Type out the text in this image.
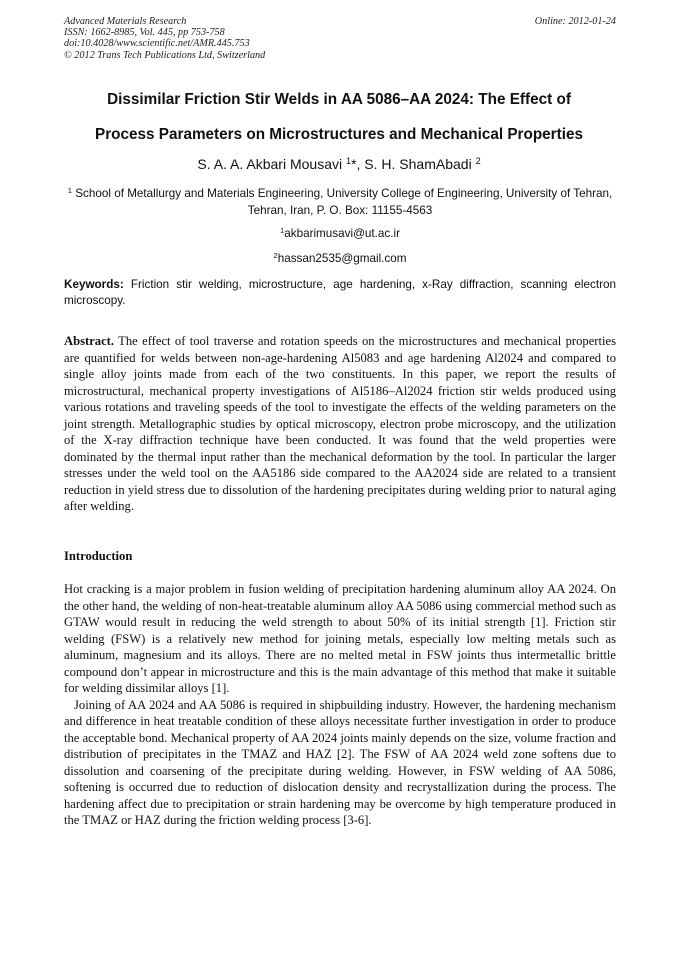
Advanced Materials Research
ISSN: 1662-8985, Vol. 445, pp 753-758
doi:10.4028/www.scientific.net/AMR.445.753
© 2012 Trans Tech Publications Ltd, Switzerland
Online: 2012-01-24
Dissimilar Friction Stir Welds in AA 5086–AA 2024: The Effect of
Process Parameters on Microstructures and Mechanical Properties
S. A. A. Akbari Mousavi $^1$*, S. H. ShamAbadi $^2$
$^1$ School of Metallurgy and Materials Engineering, University College of Engineering, University of Tehran, Tehran, Iran, P. O. Box: 11155-4563
$^1$akbarimusavi@ut.ac.ir
$^2$hassan2535@gmail.com
Keywords: Friction stir welding, microstructure, age hardening, x-Ray diffraction, scanning electron microscopy.

Abstract. The effect of tool traverse and rotation speeds on the microstructures and mechanical properties are quantified for welds between non-age-hardening Al5083 and age hardening Al2024 and compared to single alloy joints made from each of the two constituents. In this paper, we report the results of microstructural, mechanical property investigations of Al5186–Al2024 friction stir welds produced using various rotations and traveling speeds of the tool to investigate the effects of the welding parameters on the joint strength. Metallographic studies by optical microscopy, electron probe microscopy, and the utilization of the X-ray diffraction technique have been conducted. It was found that the weld properties were dominated by the thermal input rather than the mechanical deformation by the tool. In particular the larger stresses under the weld tool on the AA5186 side compared to the AA2024 side are related to a transient reduction in yield stress due to dissolution of the hardening precipitates during welding prior to natural aging after welding.

Introduction

Hot cracking is a major problem in fusion welding of precipitation hardening aluminum alloy AA 2024. On the other hand, the welding of non-heat-treatable aluminum alloy AA 5086 using commercial method such as GTAW would result in reducing the weld strength to about 50% of its initial strength [1]. Friction stir welding (FSW) is a relatively new method for joining metals, especially low melting metals such as aluminum, magnesium and its alloys. There are no melted metal in FSW joints thus intermetallic brittle compound don’t appear in microstructure and this is the main advantage of this method that make it suitable for welding dissimilar alloys [1].

Joining of AA 2024 and AA 5086 is required in shipbuilding industry. However, the hardening mechanism and difference in heat treatable condition of these alloys necessitate further investigation in order to produce the acceptable bond. Mechanical property of AA 2024 joints mainly depends on the size, volume fraction and distribution of precipitates in the TMAZ and HAZ [2]. The FSW of AA 2024 weld zone softens due to dissolution and coarsening of the precipitate during welding. However, in FSW welding of AA 5086, softening is occurred due to reduction of dislocation density and recrystallization during the process. The hardening affect due to precipitation or strain hardening may be overcome by high temperature produced in the TMAZ or HAZ during the friction welding process [3-6].
